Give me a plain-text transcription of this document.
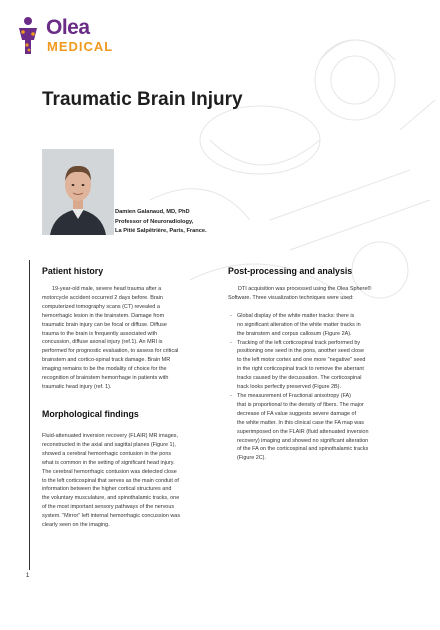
Olea
MEDICAL
Traumatic Brain Injury
Damien Galanaud, MD, PhD
Professor of Neuroradiology,
La Pitié Salpêtrière, Paris, France.
Patient history
19-year-old male, severe head trauma after a
motorcycle accident occurred 2 days before. Brain
computerized tomography scans (CT) revealed a
hemorrhagic lesion in the brainstem. Damage from
traumatic brain injury can be focal or diffuse. Diffuse
trauma to the brain is frequently associated with
concussion, diffuse axonal injury (ref.1). An MRI is
performed for prognostic evaluation, to assess for critical
brainstem and cortico-spinal track damage. Brain MR
imaging remains to be the modality of choice for the
recognition of brainstem hemorrhage in patients with
traumatic head injury (ref. 1).
Morphological findings
Fluid-attenuated inversion recovery (FLAIR) MR images,
reconstructed in the axial and sagittal planes (Figure 1),
showed a cerebral hemorrhagic contusion in the pons
what is common in the setting of significant head injury.
The cerebral hemorrhagic contusion was detected close
to the left corticospinal that serves as the main conduit of
information between the higher cortical structures and
the voluntary musculature, and spinothalamic tracks, one
of the most important sensory pathways of the nervous
system. "Mirror" left internal hemorrhagic concussion was
clearly seen on the imaging.
Post-processing and analysis
DTI acquisition was processed using the Olea Sphere®
Software. Three visualization techniques were used:
- Global display of the white matter tracks: there is
no significant alteration of the white matter tracks in
the brainstem and corpus callosum (Figure 2A).
- Tracking of the left corticospinal track performed by
positioning one seed in the pons, another seed close
to the left motor cortex and one more "negative" seed
in the right corticospinal track to remove the aberrant
tracks caused by the decussation. The corticospinal
track looks perfectly preserved (Figure 2B).
- The measurement of Fractional anisotropy (FA)
that is proportional to the density of fibers. The major
decrease of FA value suggests severe damage of
the white matter. In this clinical case the FA map was
superimposed on the FLAIR (fluid attenuated inversion
recovery) imaging and showed no significant alteration
of the FA on the corticospinal and spinothalamic tracks
(Figure 2C).
1
